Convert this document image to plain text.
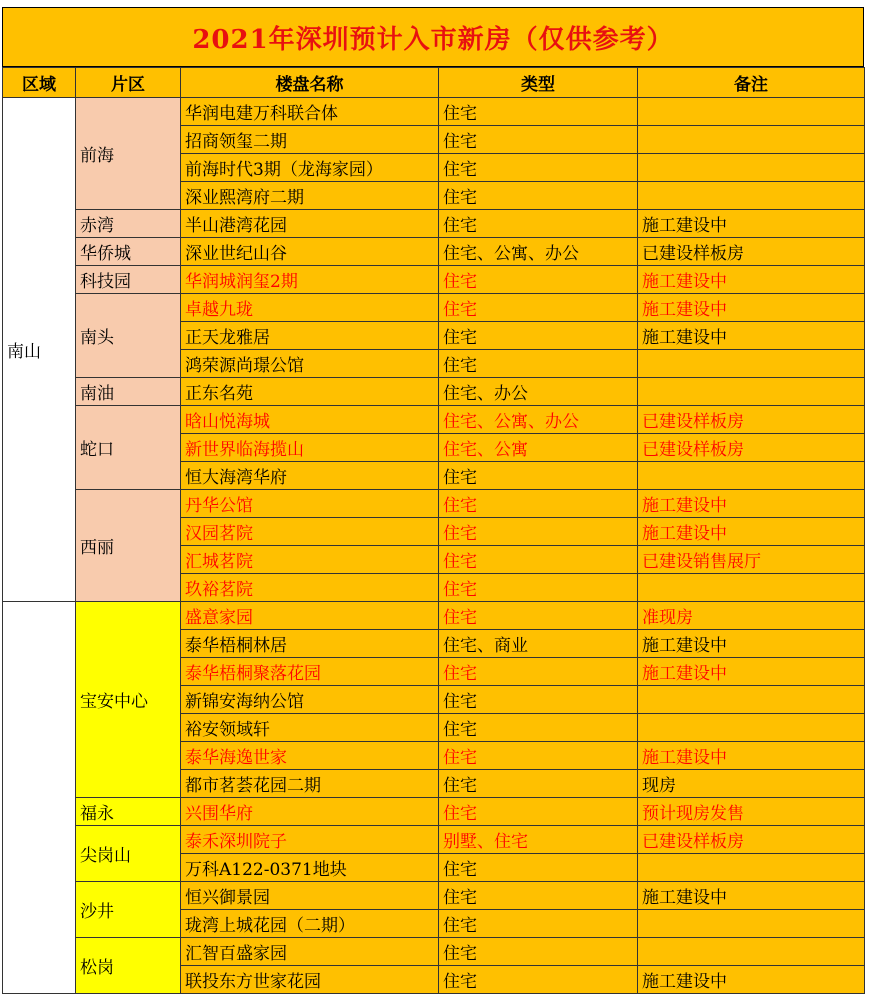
2021年深圳预计入市新房（仅供参考）
区域	片区	楼盘名称	类型	备注
南山	前海	华润电建万科联合体	住宅	
		招商领玺二期	住宅	
		前海时代3期（龙海家园）	住宅	
		深业熙湾府二期	住宅	
	赤湾	半山港湾花园	住宅	施工建设中
	华侨城	深业世纪山谷	住宅、公寓、办公	已建设样板房
	科技园	华润城润玺2期	住宅	施工建设中
	南头	卓越九珑	住宅	施工建设中
		正天龙雅居	住宅	施工建设中
		鸿荣源尚璟公馆	住宅	
	南油	正东名苑	住宅、办公	
	蛇口	晗山悦海城	住宅、公寓、办公	已建设样板房
		新世界临海揽山	住宅、公寓	已建设样板房
		恒大海湾华府	住宅	
	西丽	丹华公馆	住宅	施工建设中
		汉园茗院	住宅	施工建设中
		汇城茗院	住宅	已建设销售展厅
		玖裕茗院	住宅	
	宝安中心	盛意家园	住宅	准现房
		泰华梧桐林居	住宅、商业	施工建设中
		泰华梧桐聚落花园	住宅	施工建设中
		新锦安海纳公馆	住宅	
		裕安领域轩	住宅	
		泰华海逸世家	住宅	施工建设中
		都市茗荟花园二期	住宅	现房
	福永	兴围华府	住宅	预计现房发售
	尖岗山	泰禾深圳院子	别墅、住宅	已建设样板房
		万科A122-0371地块	住宅	
	沙井	恒兴御景园	住宅	施工建设中
		珑湾上城花园（二期）	住宅	
	松岗	汇智百盛家园	住宅	
		联投东方世家花园	住宅	施工建设中
